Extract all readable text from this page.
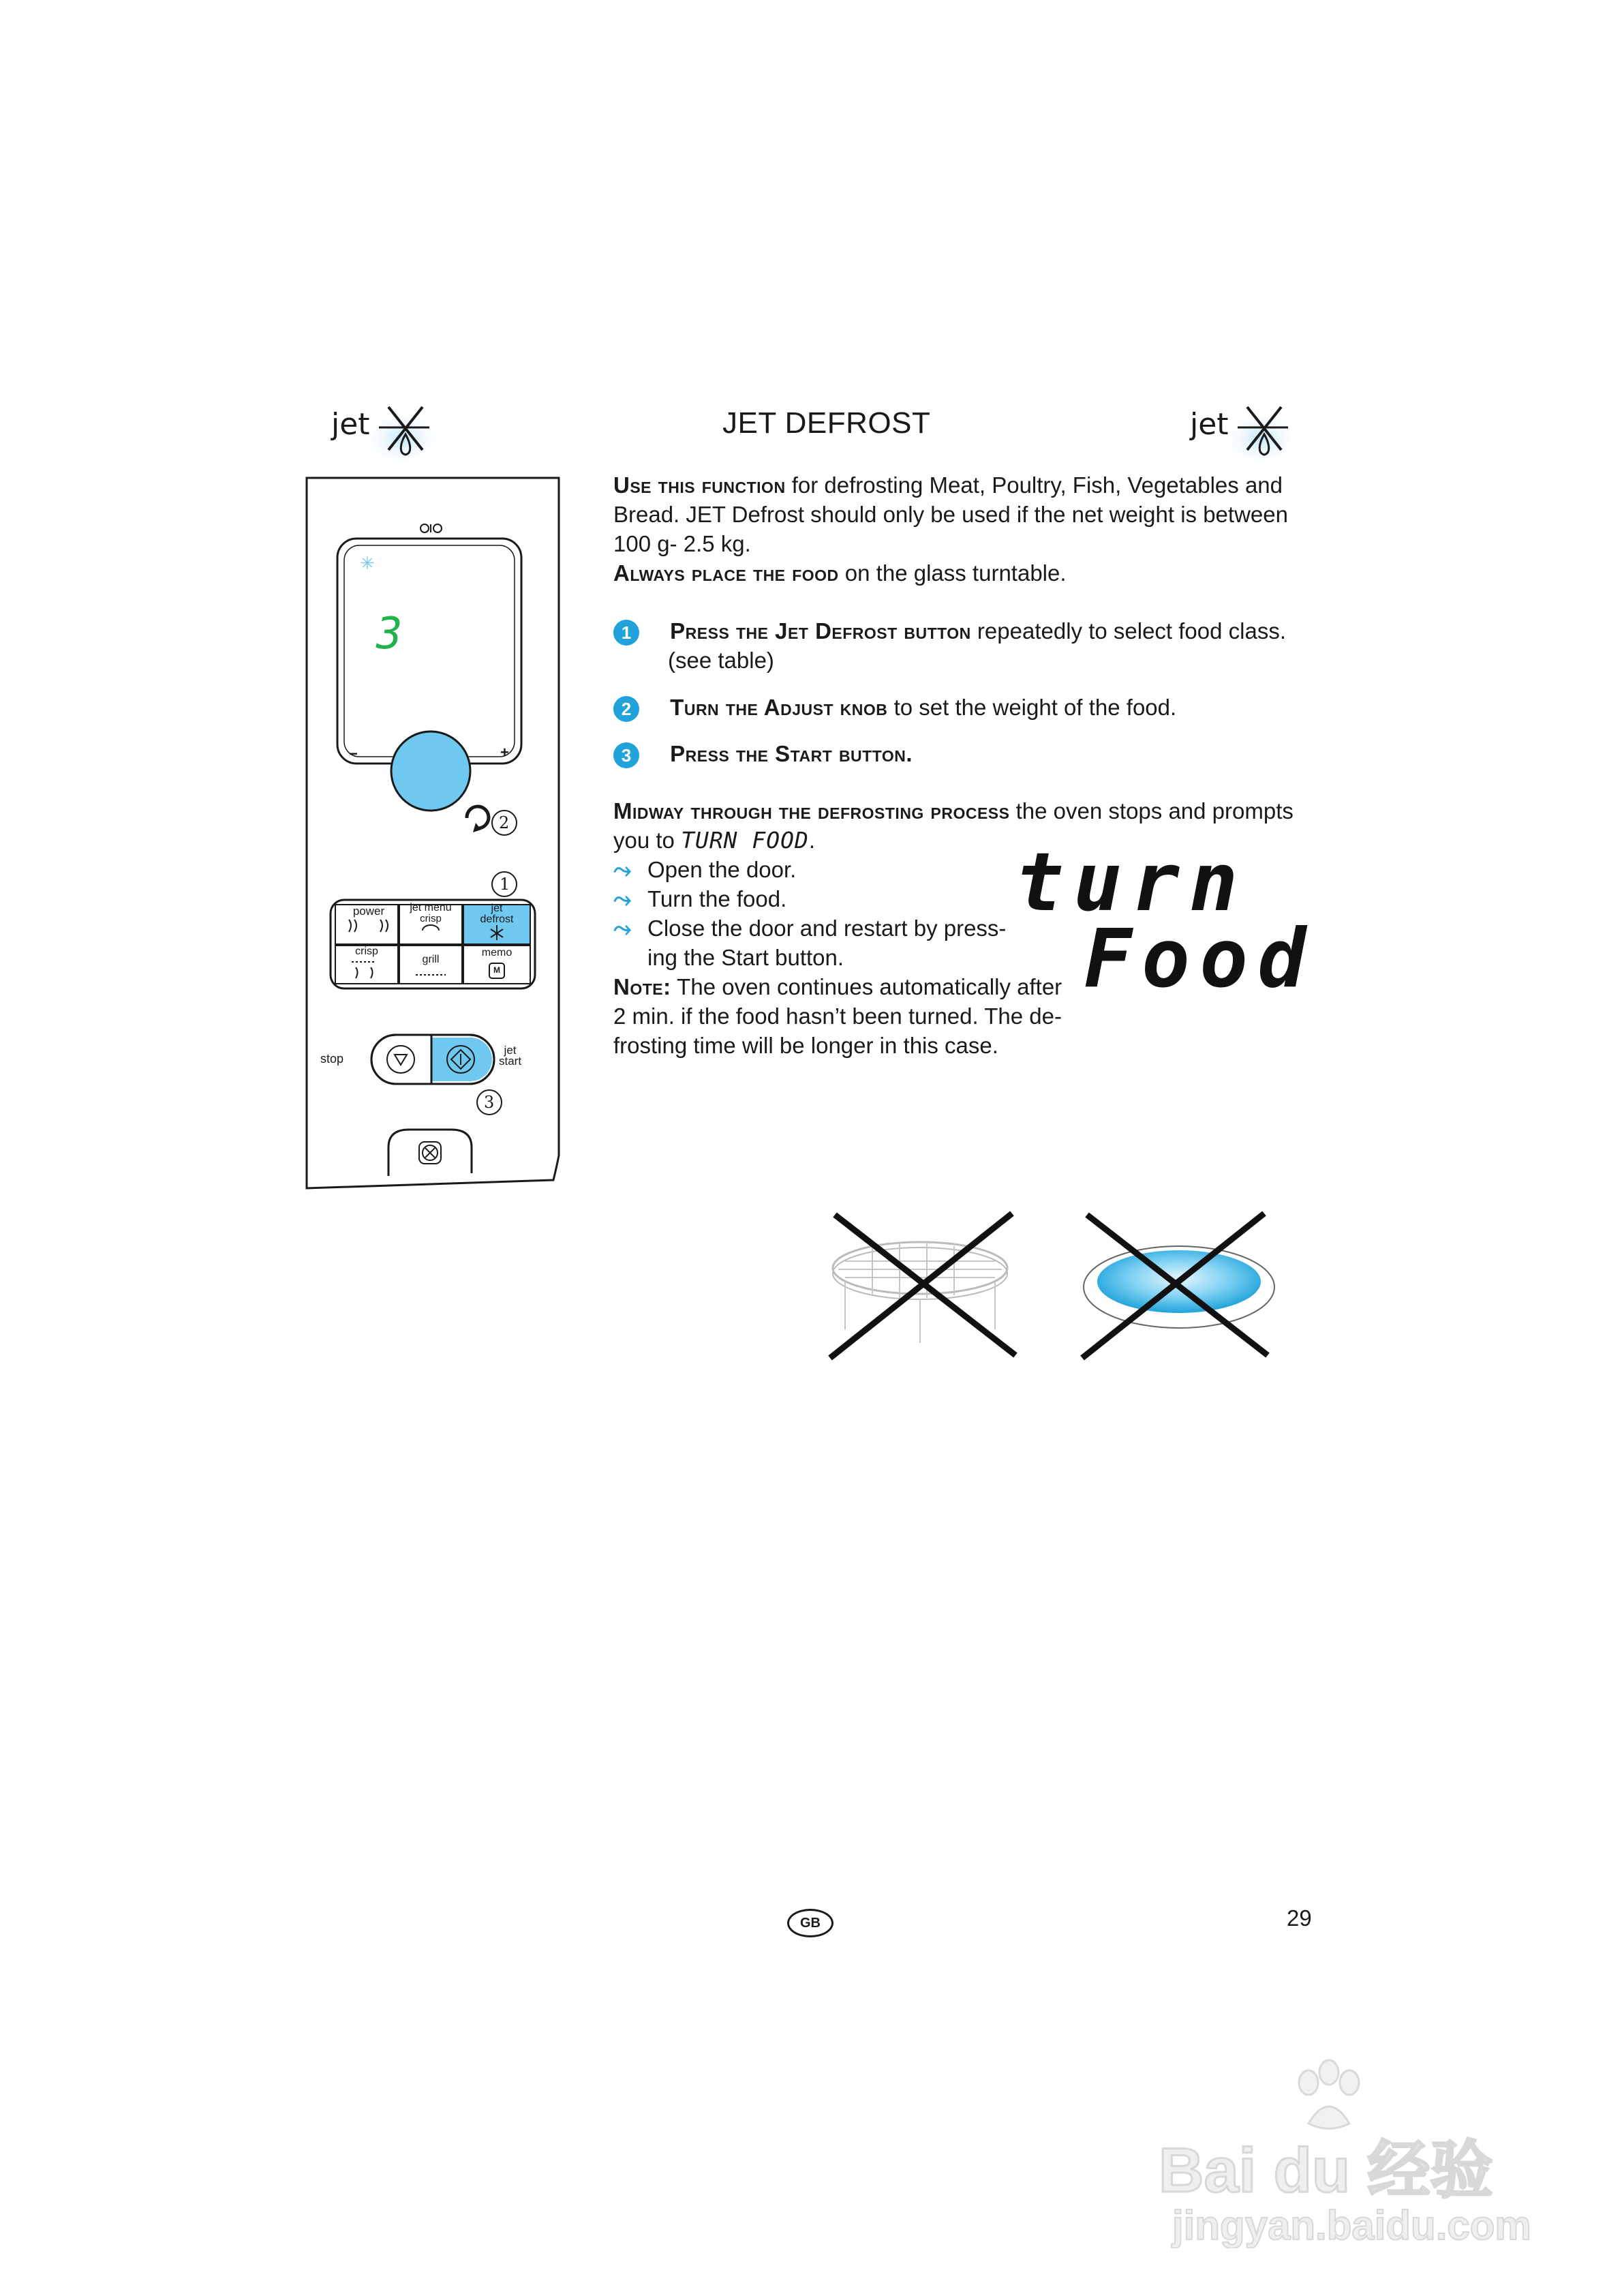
jet	jet
JET DEFROST
✳
3
−	+
2
1
3
power	jet menu
crisp
jet
defrost
crisp
grill
memo
M
stop
jet
start
Use this function for defrosting Meat, Poultry, Fish, Vegetables and Bread. JET Defrost should only be used if the net weight is between 100 g- 2.5 kg.
Always place the food on the glass turntable.
1 Press the Jet Defrost button repeatedly to select food class.
(see table)
2 Turn the Adjust knob to set the weight of the food.
3 Press the Start button.
Midway through the defrosting process the oven stops and prompts you to TURN FOOD.
⤳ Open the door.
⤳ Turn the food.
⤳ Close the door and restart by press-
ing the Start button.
Note: The oven continues automatically after
2 min. if the food hasn’t been turned. The de-
frosting time will be longer in this case.
turn
Food
GB	29
Bai du 经验
jingyan.baidu.com
